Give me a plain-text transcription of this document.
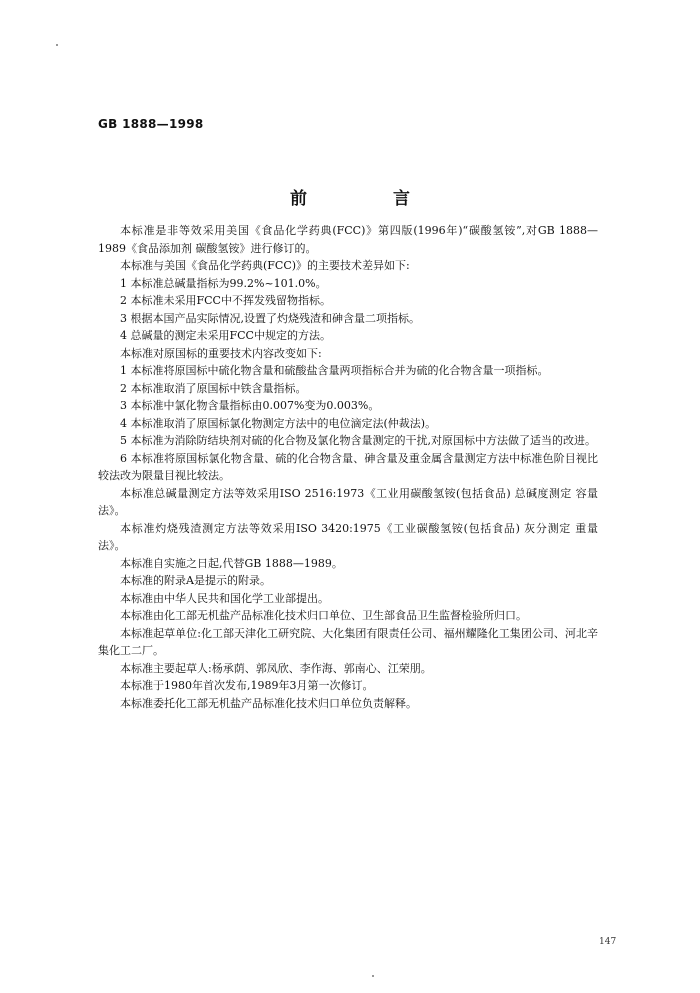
GB 1888—1998
前 言

本标准是非等效采用美国《食品化学药典(FCC)》第四版(1996年)“碳酸氢铵”,对GB 1888—1989《食品添加剂 碳酸氢铵》进行修订的。

本标准与美国《食品化学药典(FCC)》的主要技术差异如下:

1 本标准总碱量指标为99.2%~101.0%。

2 本标准未采用FCC中不挥发残留物指标。

3 根据本国产品实际情况,设置了灼烧残渣和砷含量二项指标。

4 总碱量的测定未采用FCC中规定的方法。

本标准对原国标的重要技术内容改变如下:

1 本标准将原国标中硫化物含量和硫酸盐含量两项指标合并为硫的化合物含量一项指标。

2 本标准取消了原国标中铁含量指标。

3 本标准中氯化物含量指标由0.007%变为0.003%。

4 本标准取消了原国标氯化物测定方法中的电位滴定法(仲裁法)。

5 本标准为消除防结块剂对硫的化合物及氯化物含量测定的干扰,对原国标中方法做了适当的改进。

6 本标准将原国标氯化物含量、硫的化合物含量、砷含量及重金属含量测定方法中标准色阶目视比较法改为限量目视比较法。

本标准总碱量测定方法等效采用ISO 2516:1973《工业用碳酸氢铵(包括食品) 总碱度测定 容量法》。

本标准灼烧残渣测定方法等效采用ISO 3420:1975《工业碳酸氢铵(包括食品) 灰分测定 重量法》。

本标准自实施之日起,代替GB 1888—1989。

本标准的附录A是提示的附录。

本标准由中华人民共和国化学工业部提出。

本标准由化工部无机盐产品标准化技术归口单位、卫生部食品卫生监督检验所归口。

本标准起草单位:化工部天津化工研究院、大化集团有限责任公司、福州耀隆化工集团公司、河北辛集化工二厂。

本标准主要起草人:杨承荫、郭凤欣、李作海、郭南心、江荣朋。

本标准于1980年首次发布,1989年3月第一次修订。

本标准委托化工部无机盐产品标准化技术归口单位负责解释。

147
